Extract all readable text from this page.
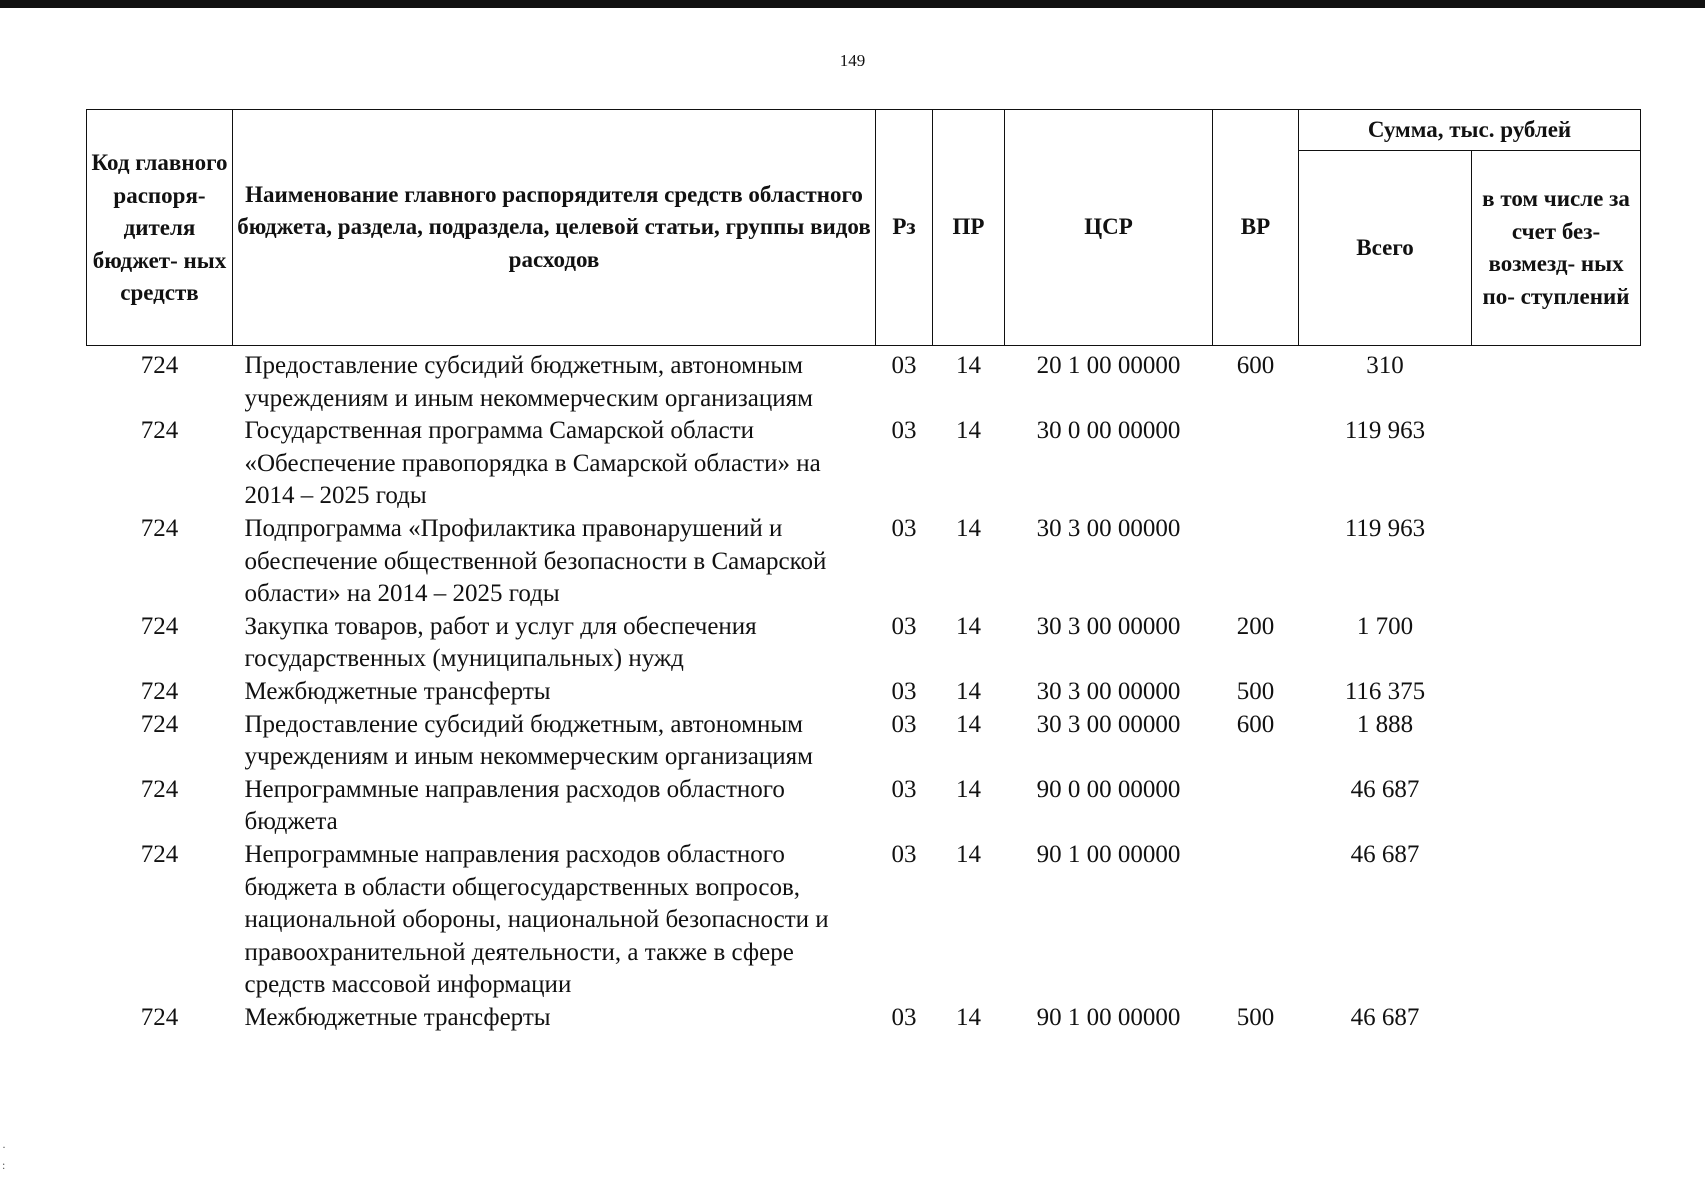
149
Код главного распоря- дителя бюджет- ных средств	Наименование главного распорядителя средств областного бюджета, раздела, подраздела, целевой статьи, группы видов расходов	Рз	ПР	ЦСР	ВР	Сумма, тыс. рублей	
						Всего	в том числе за счет без- возмезд- ных по- ступлений
724	Предоставление субсидий бюджетным, автономным учреждениям и иным некоммерческим организациям	03	14	20 1 00 00000	600	310	
724	Государственная программа Самарской области «Обеспечение правопорядка в Самарской области» на 2014 – 2025 годы	03	14	30 0 00 00000		119 963	
724	Подпрограмма «Профилактика правонарушений и обеспечение общественной безопасности в Самарской области» на 2014 – 2025 годы	03	14	30 3 00 00000		119 963	
724	Закупка товаров, работ и услуг для обеспечения государственных (муниципальных) нужд	03	14	30 3 00 00000	200	1 700	
724	Межбюджетные трансферты	03	14	30 3 00 00000	500	116 375	
724	Предоставление субсидий бюджетным, автономным учреждениям и иным некоммерческим организациям	03	14	30 3 00 00000	600	1 888	
724	Непрограммные направления расходов областного бюджета	03	14	90 0 00 00000		46 687	
724	Непрограммные направления расходов областного бюджета в области общегосударственных вопросов, национальной обороны, национальной безопасности и правоохранительной деятельности, а также в сфере средств массовой информации	03	14	90 1 00 00000		46 687	
724	Межбюджетные трансферты	03	14	90 1 00 00000	500	46 687	
·
:
